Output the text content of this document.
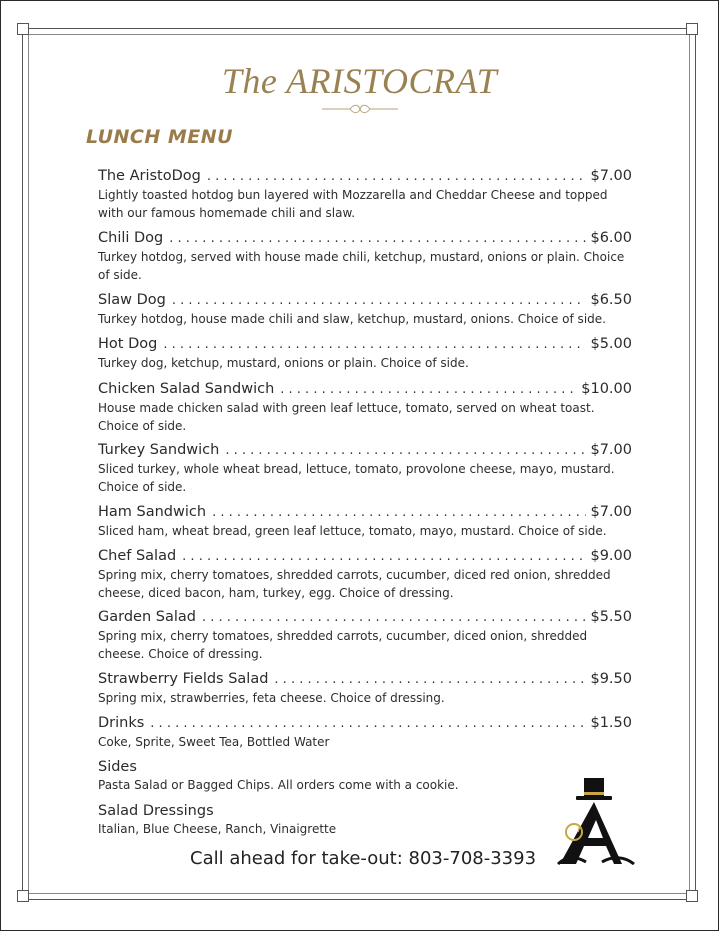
The ARISTOCRAT
LUNCH MENU
The AristoDog . . .	$7.00
Lightly toasted hotdog bun layered with Mozzarella and Cheddar Cheese and topped with our famous homemade chili and slaw.
Chili Dog . . .	$6.00
Turkey hotdog, served with house made chili, ketchup, mustard, onions or plain. Choice of side.
Slaw Dog . . .	$6.50
Turkey hotdog, house made chili and slaw, ketchup, mustard, onions. Choice of side.
Hot Dog . . .	$5.00
Turkey dog, ketchup, mustard, onions or plain. Choice of side.
Chicken Salad Sandwich . . .	$10.00
House made chicken salad with green leaf lettuce, tomato, served on wheat toast. Choice of side.
Turkey Sandwich . . .	$7.00
Sliced turkey, whole wheat bread, lettuce, tomato, provolone cheese, mayo, mustard. Choice of side.
Ham Sandwich . . .	$7.00
Sliced ham, wheat bread, green leaf lettuce, tomato, mayo, mustard. Choice of side.
Chef Salad . . .	$9.00
Spring mix, cherry tomatoes, shredded carrots, cucumber, diced red onion, shredded cheese, diced bacon, ham, turkey, egg. Choice of dressing.
Garden Salad . . .	$5.50
Spring mix, cherry tomatoes, shredded carrots, cucumber, diced onion, shredded cheese. Choice of dressing.
Strawberry Fields Salad . . .	$9.50
Spring mix, strawberries, feta cheese. Choice of dressing.
Drinks . . .	$1.50
Coke, Sprite, Sweet Tea, Bottled Water
Sides
Pasta Salad or Bagged Chips. All orders come with a cookie.
Salad Dressings
Italian, Blue Cheese, Ranch, Vinaigrette
Call ahead for take-out: 803-708-3393
